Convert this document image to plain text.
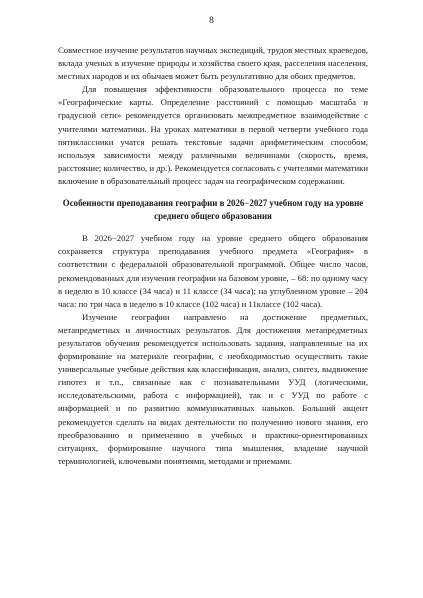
8

Совместное изучение результатов научных экспедиций, трудов местных краеведов, вклада ученых в изучение природы и хозяйства своего края, расселения населения, местных народов и их обычаев может быть результативно для обоих предметов.

Для повышения эффективности образовательного процесса по теме «Географические карты. Определение расстояний с помощью масштаба и градусной сети» рекомендуется организовать межпредметное взаимодействие с учителями математики. На уроках математики в первой четверти учебного года пятиклассники учатся решать текстовые задачи арифметическим способом, используя зависимости между различными величинами (скорость, время, расстояние; количество, и др.). Рекомендуется согласовать с учителями математики включение в образовательный процесс задач на географическом содержании.

Особенности преподавания географии в 2026−2027 учебном году на уровне среднего общего образования

В 2026−2027 учебном году на уровне среднего общего образования сохраняется структура преподавания учебного предмета «География» в соответствии с федеральной образовательной программой. Общее число часов, рекомендованных для изучения географии на базовом уровне, – 68: по одному часу в неделю в 10 классе (34 часа) и 11 классе (34 часа); на углубленном уровне – 204 часа: по три часа в неделю в 10 классе (102 часа) и 11классе (102 часа).

Изучение географии направлено на достижение предметных, метапредметных и личностных результатов. Для достижения метапредметных результатов обучения рекомендуется использовать задания, направленные на их формирование на материале географии, с необходимостью осуществить такие универсальные учебные действия как классификация, анализ, синтез, выдвижение гипотез и т.п., связанные как с познавательными УУД (логическими, исследовательскими, работа с информацией), так и с УУД по работе с информацией и по развитию коммуникативных навыков. Больший акцент рекомендуется сделать на видах деятельности по получению нового знания, его преобразованию и применению в учебных и практико-ориентированных ситуациях, формирование научного типа мышления, владение научной терминологией, ключевыми понятиями, методами и приемами.
